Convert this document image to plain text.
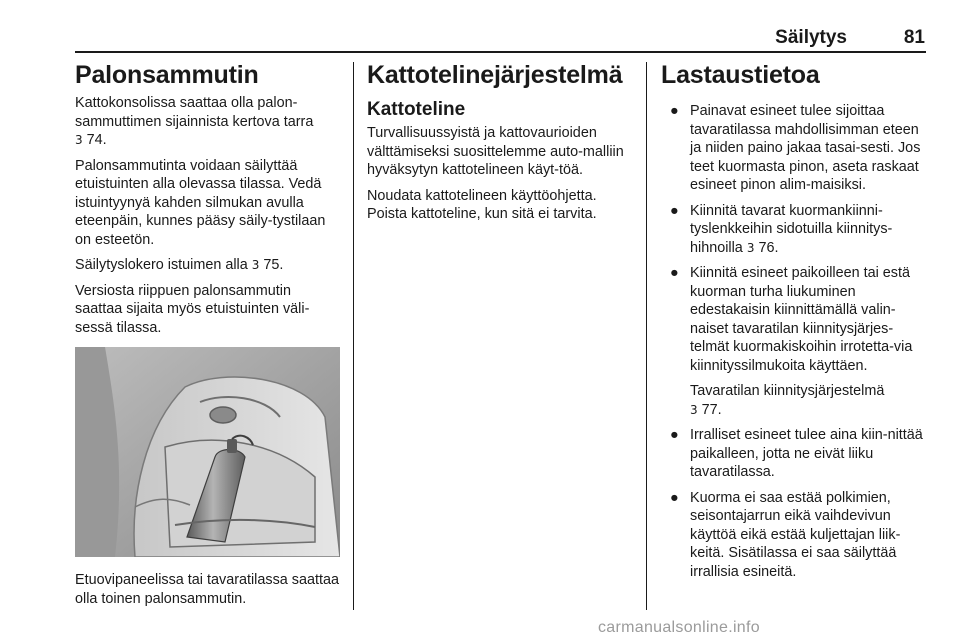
Säilytys	81
Palonsammutin

Kattokonsolissa saattaa olla palon-sammuttimen sijainnista kertova tarra
3 74.

Palonsammutinta voidaan säilyttää etuistuinten alla olevassa tilassa. Vedä istuintyynyä kahden silmukan avulla eteenpäin, kunnes pääsy säily-tystilaan on esteetön.

Säilytyslokero istuimen alla 3 75.

Versiosta riippuen palonsammutin saattaa sijaita myös etuistuinten väli-sessä tilassa.

Etuovipaneelissa tai tavaratilassa saattaa olla toinen palonsammutin.

Kattotelinejärjestelmä
Kattoteline

Turvallisuussyistä ja kattovaurioiden välttämiseksi suosittelemme auto-malliin hyväksytyn kattotelineen käyt-töä.

Noudata kattotelineen käyttöohjetta. Poista kattoteline, kun sitä ei tarvita.

Lastaustietoa
● Painavat esineet tulee sijoittaa tavaratilassa mahdollisimman eteen ja niiden paino jakaa tasai-sesti. Jos teet kuormasta pinon, aseta raskaat esineet pinon alim-maisiksi.

● Kiinnitä tavarat kuormankiinni-tyslenkkeihin sidotuilla kiinnitys-hihnoilla 3 76.

● Kiinnitä esineet paikoilleen tai estä kuorman turha liukuminen edestakaisin kiinnittämällä valin-naiset tavaratilan kiinnitysjärjes-telmät kuormakiskoihin irrotetta-via kiinnityssilmukoita käyttäen.

Tavaratilan kiinnitysjärjestelmä
3 77.

● Irralliset esineet tulee aina kiin-nittää paikalleen, jotta ne eivät liiku tavaratilassa.

● Kuorma ei saa estää polkimien, seisontajarrun eikä vaihdevivun käyttöä eikä estää kuljettajan liik-keitä. Sisätilassa ei saa säilyttää irrallisia esineitä.

carmanualsonline.info
